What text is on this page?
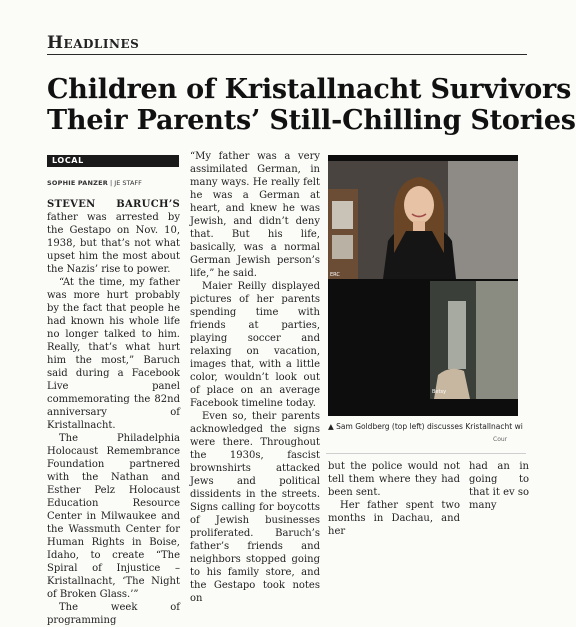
Headlines
Children of Kristallnacht Survivors
Their Parents’ Still-Chilling Stories
LOCAL

SOPHIE PANZER | JE STAFF

STEVEN BARUCH’S father was arrested by the Gestapo on Nov. 10, 1938, but that’s not what upset him the most about the Nazis’ rise to power.

“At the time, my father was more hurt probably by the fact that people he had known his whole life no longer talked to him. Really, that’s what hurt him the most,” Baruch said during a Facebook Live panel commemorating the 82nd anniversary of Kristallnacht.

The Philadelphia Holocaust Remembrance Foundation partnered with the Nathan and Esther Pelz Holocaust Education Resource Center in Milwaukee and the Wassmuth Center for Human Rights in Boise, Idaho, to create “The Spiral of Injustice – Kristallnacht, ‘The Night of Broken Glass.’”

The week of programming

“My father was a very assimilated German, in many ways. He really felt he was a German at heart, and knew he was Jewish, and didn’t deny that. But his life, basically, was a normal German Jewish person’s life,” he said.

Maier Reilly displayed pictures of her parents spending time with friends at parties, playing soccer and relaxing on vacation, images that, with a little color, wouldn’t look out of place on an average Facebook timeline today.

Even so, their parents acknowledged the signs were there. Throughout the 1930s, fascist brownshirts attacked Jews and political dissidents in the streets. Signs calling for boycotts of Jewish businesses proliferated. Baruch’s father’s friends and neighbors stopped going to his family store, and the Gestapo took notes on

ERC
Betsy
▲ Sam Goldberg (top left) discusses Kristallnacht wi
Cour

but the police would not tell them where they had been sent.

Her father spent two months in Dachau, and her

had an in going to that it ev so many
